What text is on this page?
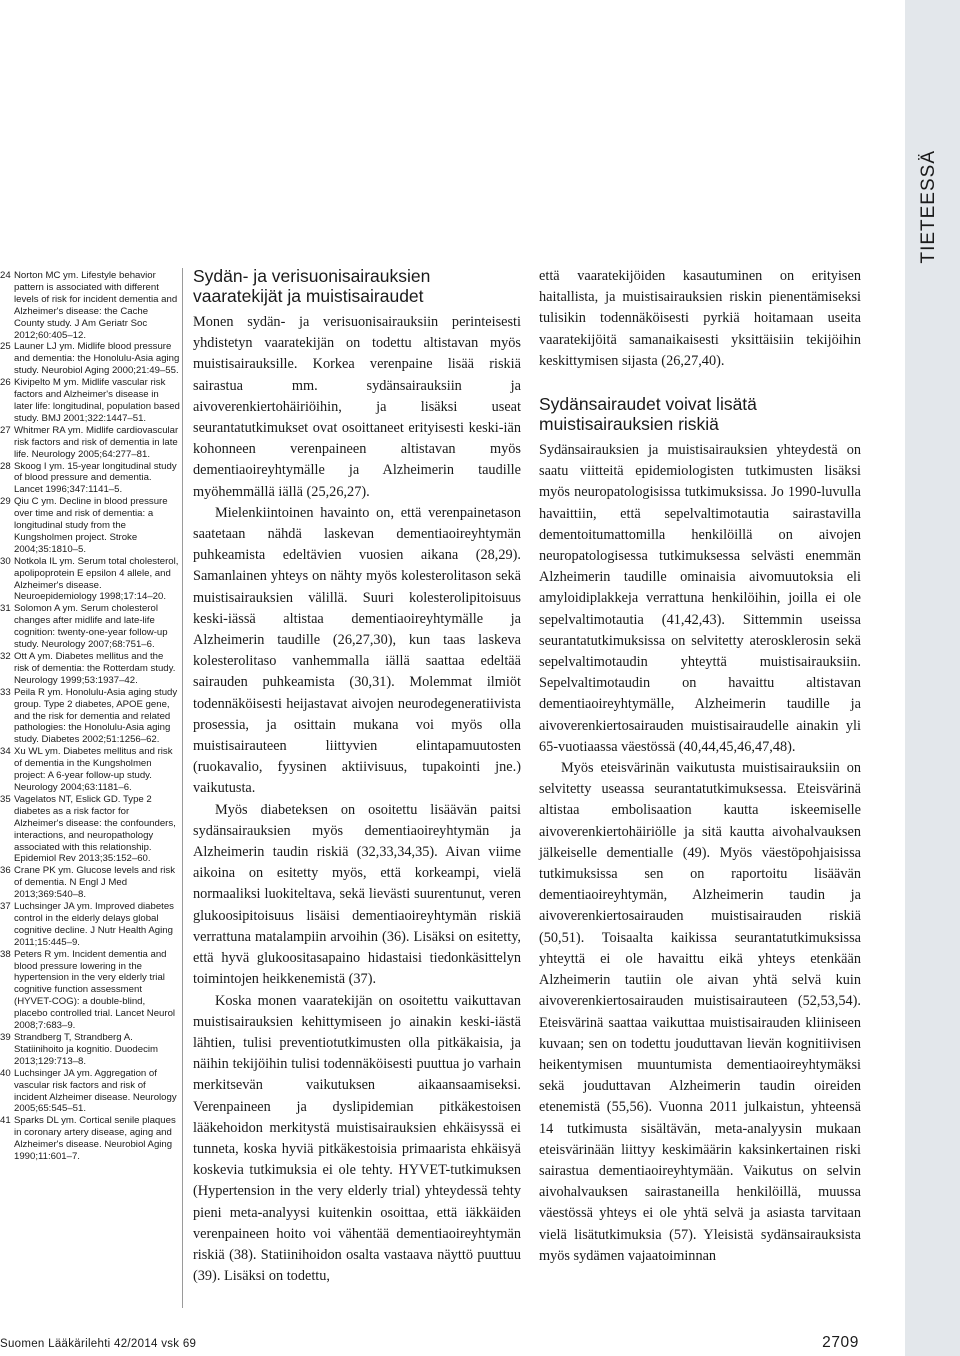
TIETEESSÄ
24 Norton MC ym. Lifestyle behavior pattern is associated with different levels of risk for incident dementia and Alzheimer's disease: the Cache County study. J Am Geriatr Soc 2012;60:405–12.
25 Launer LJ ym. Midlife blood pressure and dementia: the Honolulu-Asia aging study. Neurobiol Aging 2000;21:49–55.
26 Kivipelto M ym. Midlife vascular risk factors and Alzheimer's disease in later life: longitudinal, population based study. BMJ 2001;322:1447–51.
27 Whitmer RA ym. Midlife cardiovascular risk factors and risk of dementia in late life. Neurology 2005;64:277–81.
28 Skoog I ym. 15-year longitudinal study of blood pressure and dementia. Lancet 1996;347:1141–5.
29 Qiu C ym. Decline in blood pressure over time and risk of dementia: a longitudinal study from the Kungsholmen project. Stroke 2004;35:1810–5.
30 Notkola IL ym. Serum total cholesterol, apolipoprotein E epsilon 4 allele, and Alzheimer's disease. Neuroepidemiology 1998;17:14–20.
31 Solomon A ym. Serum cholesterol changes after midlife and late-life cognition: twenty-one-year follow-up study. Neurology 2007;68:751–6.
32 Ott A ym. Diabetes mellitus and the risk of dementia: the Rotterdam study. Neurology 1999;53:1937–42.
33 Peila R ym. Honolulu-Asia aging study group. Type 2 diabetes, APOE gene, and the risk for dementia and related pathologies: the Honolulu-Asia aging study. Diabetes 2002;51:1256–62.
34 Xu WL ym. Diabetes mellitus and risk of dementia in the Kungsholmen project: A 6-year follow-up study. Neurology 2004;63:1181–6.
35 Vagelatos NT, Eslick GD. Type 2 diabetes as a risk factor for Alzheimer's disease: the confounders, interactions, and neuropathology associated with this relationship. Epidemiol Rev 2013;35:152–60.
36 Crane PK ym. Glucose levels and risk of dementia. N Engl J Med 2013;369:540–8.
37 Luchsinger JA ym. Improved diabetes control in the elderly delays global cognitive decline. J Nutr Health Aging 2011;15:445–9.
38 Peters R ym. Incident dementia and blood pressure lowering in the hypertension in the very elderly trial cognitive function assessment (HYVET-COG): a double-blind, placebo controlled trial. Lancet Neurol 2008;7:683–9.
39 Strandberg T, Strandberg A. Statiinihoito ja kognitio. Duodecim 2013;129:713–8.
40 Luchsinger JA ym. Aggregation of vascular risk factors and risk of incident Alzheimer disease. Neurology 2005;65:545–51.
41 Sparks DL ym. Cortical senile plaques in coronary artery disease, aging and Alzheimer's disease. Neurobiol Aging 1990;11:601–7.
Sydän- ja verisuonisairauksien vaaratekijät ja muistisairaudet

Monen sydän- ja verisuonisairauksiin perinteisesti yhdistetyn vaaratekijän on todettu altistavan myös muistisairauksille. Korkea verenpaine lisää riskiä sairastua mm. sydänsairauksiin ja aivoverenkiertohäiriöihin, ja lisäksi useat seurantatutkimukset ovat osoittaneet erityisesti keski-iän kohonneen verenpaineen altistavan myös dementiaoireyhtymälle ja Alzheimerin taudille myöhemmällä iällä (25,26,27).

Mielenkiintoinen havainto on, että verenpainetason saatetaan nähdä laskevan dementiaoireyhtymän puhkeamista edeltävien vuosien aikana (28,29). Samanlainen yhteys on nähty myös kolesterolitason sekä muistisairauksien välillä. Suuri kolesterolipitoisuus keski-iässä altistaa dementiaoireyhtymälle ja Alzheimerin taudille (26,27,30), kun taas laskeva kolesterolitaso vanhemmalla iällä saattaa edeltää sairauden puhkeamista (30,31). Molemmat ilmiöt todennäköisesti heijastavat aivojen neurodegeneratiivista prosessia, ja osittain mukana voi myös olla muistisairauteen liittyvien elintapamuutosten (ruokavalio, fyysinen aktiivisuus, tupakointi jne.) vaikutusta.

Myös diabeteksen on osoitettu lisäävän paitsi sydänsairauksien myös dementiaoireyhtymän ja Alzheimerin taudin riskiä (32,33,34,35). Aivan viime aikoina on esitetty myös, että korkeampi, vielä normaaliksi luokiteltava, sekä lievästi suurentunut, veren glukoosipitoisuus lisäisi dementiaoireyhtymän riskiä verrattuna matalampiin arvoihin (36). Lisäksi on esitetty, että hyvä glukoositasapaino hidastaisi tiedonkäsittelyn toimintojen heikkenemistä (37).

Koska monen vaaratekijän on osoitettu vaikuttavan muistisairauksien kehittymiseen jo ainakin keski-iästä lähtien, tulisi preventiotutkimusten olla pitkäkaisia, ja näihin tekijöihin tulisi todennäköisesti puuttua jo varhain merkitsevän vaikutuksen aikaansaamiseksi. Verenpaineen ja dyslipidemian pitkäkestoisen lääkehoidon merkitystä muistisairauksien ehkäisyssä ei tunneta, koska hyviä pitkäkestoisia primaarista ehkäisyä koskevia tutkimuksia ei ole tehty. HYVET-tutkimuksen (Hypertension in the very elderly trial) yhteydessä tehty pieni meta-analyysi kuitenkin osoittaa, että iäkkäiden verenpaineen hoito voi vähentää dementiaoireyhtymän riskiä (38). Statiinihoidon osalta vastaava näyttö puuttuu (39). Lisäksi on todettu,

että vaaratekijöiden kasautuminen on erityisen haitallista, ja muistisairauksien riskin pienentämiseksi tulisikin todennäköisesti pyrkiä hoitamaan useita vaaratekijöitä samanaikaisesti yksittäisiin tekijöihin keskittymisen sijasta (26,27,40).

Sydänsairaudet voivat lisätä muistisairauksien riskiä

Sydänsairauksien ja muistisairauksien yhteydestä on saatu viitteitä epidemiologisten tutkimusten lisäksi myös neuropatologisissa tutkimuksissa. Jo 1990-luvulla havaittiin, että sepelvaltimotautia sairastavilla dementoitumattomilla henkilöillä on aivojen neuropatologisessa tutkimuksessa selvästi enemmän Alzheimerin taudille ominaisia aivomuutoksia eli amyloidiplakkeja verrattuna henkilöihin, joilla ei ole sepelvaltimotautia (41,42,43). Sittemmin useissa seurantatutkimuksissa on selvitetty aterosklerosin sekä sepelvaltimotaudin yhteyttä muistisairauksiin. Sepelvaltimotaudin on havaittu altistavan dementiaoireyhtymälle, Alzheimerin taudille ja aivoverenkiertosairauden muistisairaudelle ainakin yli 65-vuotiaassa väestössä (40,44,45,46,47,48).

Myös eteisvärinän vaikutusta muistisairauksiin on selvitetty useassa seurantatutkimuksessa. Eteisvärinä altistaa embolisaation kautta iskeemiselle aivoverenkiertohäiriölle ja sitä kautta aivohalvauksen jälkeiselle dementialle (49). Myös väestöpohjaisissa tutkimuksissa sen on raportoitu lisäävän dementiaoireyhtymän, Alzheimerin taudin ja aivoverenkiertosairauden muistisairauden riskiä (50,51). Toisaalta kaikissa seurantatutkimuksissa yhteyttä ei ole havaittu eikä yhteys etenkään Alzheimerin tautiin ole aivan yhtä selvä kuin aivoverenkiertosairauden muistisairauteen (52,53,54). Eteisvärinä saattaa vaikuttaa muistisairauden kliiniseen kuvaan; sen on todettu jouduttavan lievän kognitiivisen heikentymisen muuntumista dementiaoireyhtymäksi sekä jouduttavan Alzheimerin taudin oireiden etenemistä (55,56). Vuonna 2011 julkaistun, yhteensä 14 tutkimusta sisältävän, meta-analyysin mukaan eteisvärinään liittyy keskimäärin kaksinkertainen riski sairastua dementiaoireyhtymään. Vaikutus on selvin aivohalvauksen sairastaneilla henkilöillä, muussa väestössä yhteys ei ole yhtä selvä ja asiasta tarvitaan vielä lisätutkimuksia (57). Yleisistä sydänsairauksista myös sydämen vajaatoiminnan

Suomen Lääkärilehti 42/2014 vsk 69	2709
